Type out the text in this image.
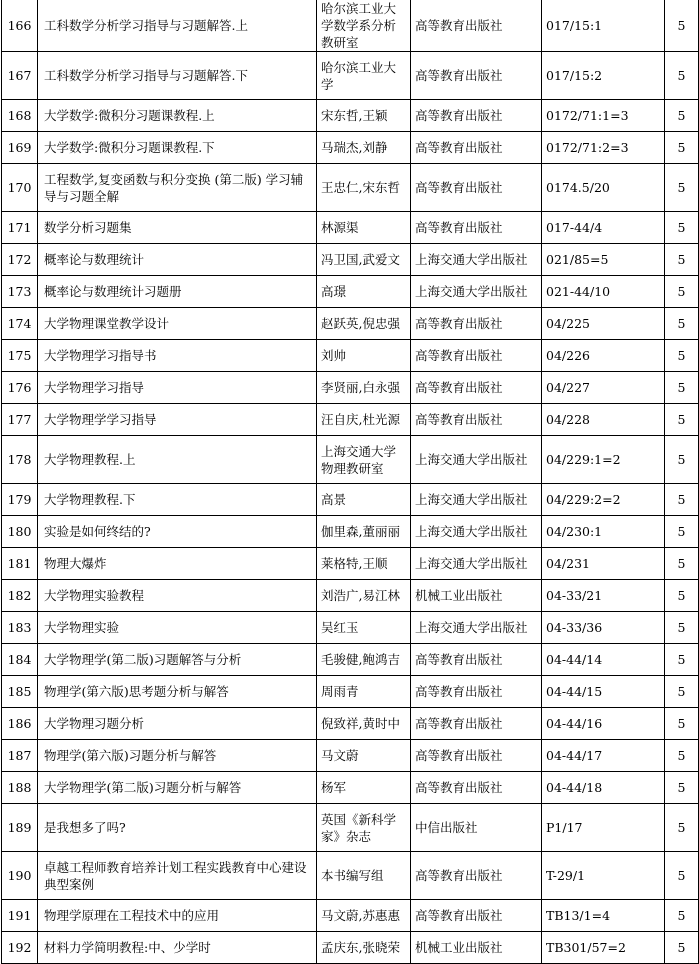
166	工科数学分析学习指导与习题解答.上	哈尔滨工业大学数学系分析教研室	高等教育出版社	017/15:1	5
167	工科数学分析学习指导与习题解答.下	哈尔滨工业大学	高等教育出版社	017/15:2	5
168	大学数学:微积分习题课教程.上	宋东哲,王颖	高等教育出版社	0172/71:1=3	5
169	大学数学:微积分习题课教程.下	马瑞杰,刘静	高等教育出版社	0172/71:2=3	5
170	工程数学,复变函数与积分变换 (第二版) 学习辅导与习题全解	王忠仁,宋东哲	高等教育出版社	0174.5/20	5
171	数学分析习题集	林源渠	高等教育出版社	017-44/4	5
172	概率论与数理统计	冯卫国,武爱文	上海交通大学出版社	021/85=5	5
173	概率论与数理统计习题册	高璟	上海交通大学出版社	021-44/10	5
174	大学物理课堂教学设计	赵跃英,倪忠强	高等教育出版社	04/225	5
175	大学物理学习指导书	刘帅	高等教育出版社	04/226	5
176	大学物理学习指导	李贤丽,白永强	高等教育出版社	04/227	5
177	大学物理学学习指导	汪自庆,杜光源	高等教育出版社	04/228	5
178	大学物理教程.上	上海交通大学物理教研室	上海交通大学出版社	04/229:1=2	5
179	大学物理教程.下	高景	上海交通大学出版社	04/229:2=2	5
180	实验是如何终结的?	伽里森,董丽丽	上海交通大学出版社	04/230:1	5
181	物理大爆炸	莱格特,王顺	上海交通大学出版社	04/231	5
182	大学物理实验教程	刘浩广,易江林	机械工业出版社	04-33/21	5
183	大学物理实验	吴红玉	上海交通大学出版社	04-33/36	5
184	大学物理学(第二版)习题解答与分析	毛骏健,鲍鸿吉	高等教育出版社	04-44/14	5
185	物理学(第六版)思考题分析与解答	周雨青	高等教育出版社	04-44/15	5
186	大学物理习题分析	倪致祥,黄时中	高等教育出版社	04-44/16	5
187	物理学(第六版)习题分析与解答	马文蔚	高等教育出版社	04-44/17	5
188	大学物理学(第二版)习题分析与解答	杨军	高等教育出版社	04-44/18	5
189	是我想多了吗?	英国《新科学家》杂志	中信出版社	P1/17	5
190	卓越工程师教育培养计划工程实践教育中心建设典型案例	本书编写组	高等教育出版社	T-29/1	5
191	物理学原理在工程技术中的应用	马文蔚,苏惠惠	高等教育出版社	TB13/1=4	5
192	材料力学简明教程:中、少学时	孟庆东,张晓荣	机械工业出版社	TB301/57=2	5
